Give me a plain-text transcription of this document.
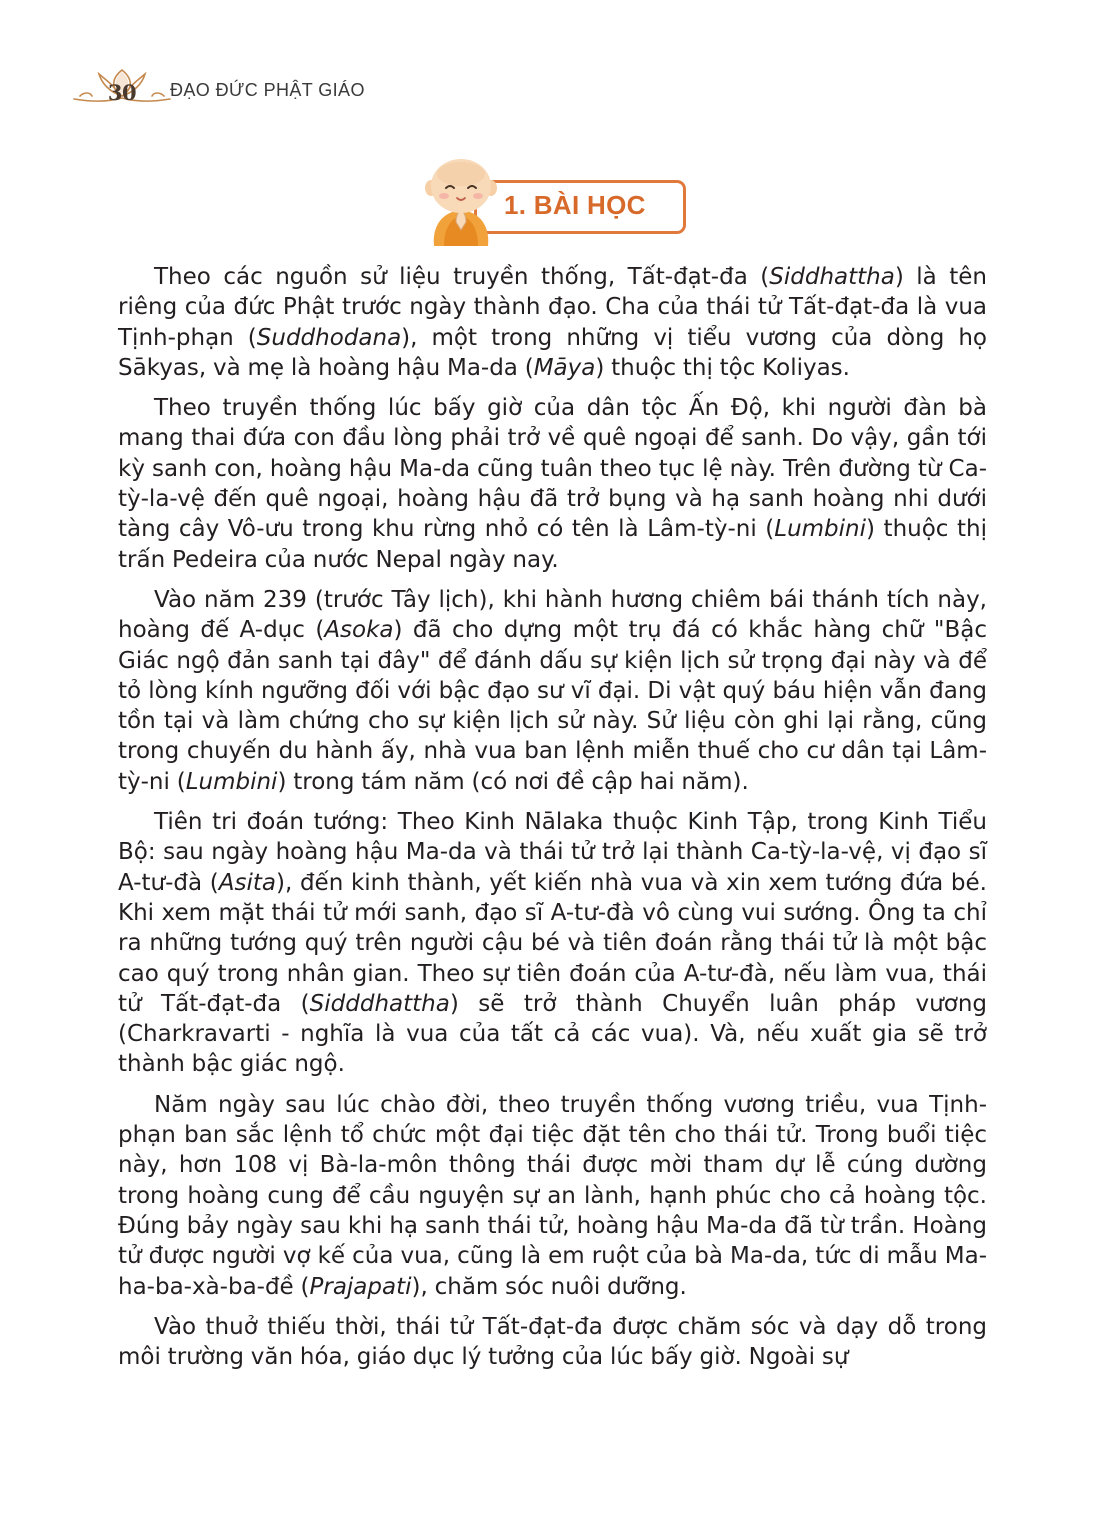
30	ĐẠO ĐỨC PHẬT GIÁO
1. BÀI HỌC

Theo các nguồn sử liệu truyền thống, Tất-đạt-đa (Siddhattha) là tên riêng của đức Phật trước ngày thành đạo. Cha của thái tử Tất-đạt-đa là vua Tịnh-phạn (Suddhodana), một trong những vị tiểu vương của dòng họ Sākyas, và mẹ là hoàng hậu Ma-da (Māya) thuộc thị tộc Koliyas.

Theo truyền thống lúc bấy giờ của dân tộc Ấn Độ, khi người đàn bà mang thai đứa con đầu lòng phải trở về quê ngoại để sanh. Do vậy, gần tới kỳ sanh con, hoàng hậu Ma-da cũng tuân theo tục lệ này. Trên đường từ Ca-tỳ-la-vệ đến quê ngoại, hoàng hậu đã trở bụng và hạ sanh hoàng nhi dưới tàng cây Vô-ưu trong khu rừng nhỏ có tên là Lâm-tỳ-ni (Lumbini) thuộc thị trấn Pedeira của nước Nepal ngày nay.

Vào năm 239 (trước Tây lịch), khi hành hương chiêm bái thánh tích này, hoàng đế A-dục (Asoka) đã cho dựng một trụ đá có khắc hàng chữ "Bậc Giác ngộ đản sanh tại đây" để đánh dấu sự kiện lịch sử trọng đại này và để tỏ lòng kính ngưỡng đối với bậc đạo sư vĩ đại. Di vật quý báu hiện vẫn đang tồn tại và làm chứng cho sự kiện lịch sử này. Sử liệu còn ghi lại rằng, cũng trong chuyến du hành ấy, nhà vua ban lệnh miễn thuế cho cư dân tại Lâm-tỳ-ni (Lumbini) trong tám năm (có nơi đề cập hai năm).

Tiên tri đoán tướng: Theo Kinh Nālaka thuộc Kinh Tập, trong Kinh Tiểu Bộ: sau ngày hoàng hậu Ma-da và thái tử trở lại thành Ca-tỳ-la-vệ, vị đạo sĩ A-tư-đà (Asita), đến kinh thành, yết kiến nhà vua và xin xem tướng đứa bé. Khi xem mặt thái tử mới sanh, đạo sĩ A-tư-đà vô cùng vui sướng. Ông ta chỉ ra những tướng quý trên người cậu bé và tiên đoán rằng thái tử là một bậc cao quý trong nhân gian. Theo sự tiên đoán của A-tư-đà, nếu làm vua, thái tử Tất-đạt-đa (Sidddhattha) sẽ trở thành Chuyển luân pháp vương (Charkravarti - nghĩa là vua của tất cả các vua). Và, nếu xuất gia sẽ trở thành bậc giác ngộ.

Năm ngày sau lúc chào đời, theo truyền thống vương triều, vua Tịnh-phạn ban sắc lệnh tổ chức một đại tiệc đặt tên cho thái tử. Trong buổi tiệc này, hơn 108 vị Bà-la-môn thông thái được mời tham dự lễ cúng dường trong hoàng cung để cầu nguyện sự an lành, hạnh phúc cho cả hoàng tộc. Đúng bảy ngày sau khi hạ sanh thái tử, hoàng hậu Ma-da đã từ trần. Hoàng tử được người vợ kế của vua, cũng là em ruột của bà Ma-da, tức di mẫu Ma-ha-ba-xà-ba-đề (Prajapati), chăm sóc nuôi dưỡng.

Vào thuở thiếu thời, thái tử Tất-đạt-đa được chăm sóc và dạy dỗ trong môi trường văn hóa, giáo dục lý tưởng của lúc bấy giờ. Ngoài sự
